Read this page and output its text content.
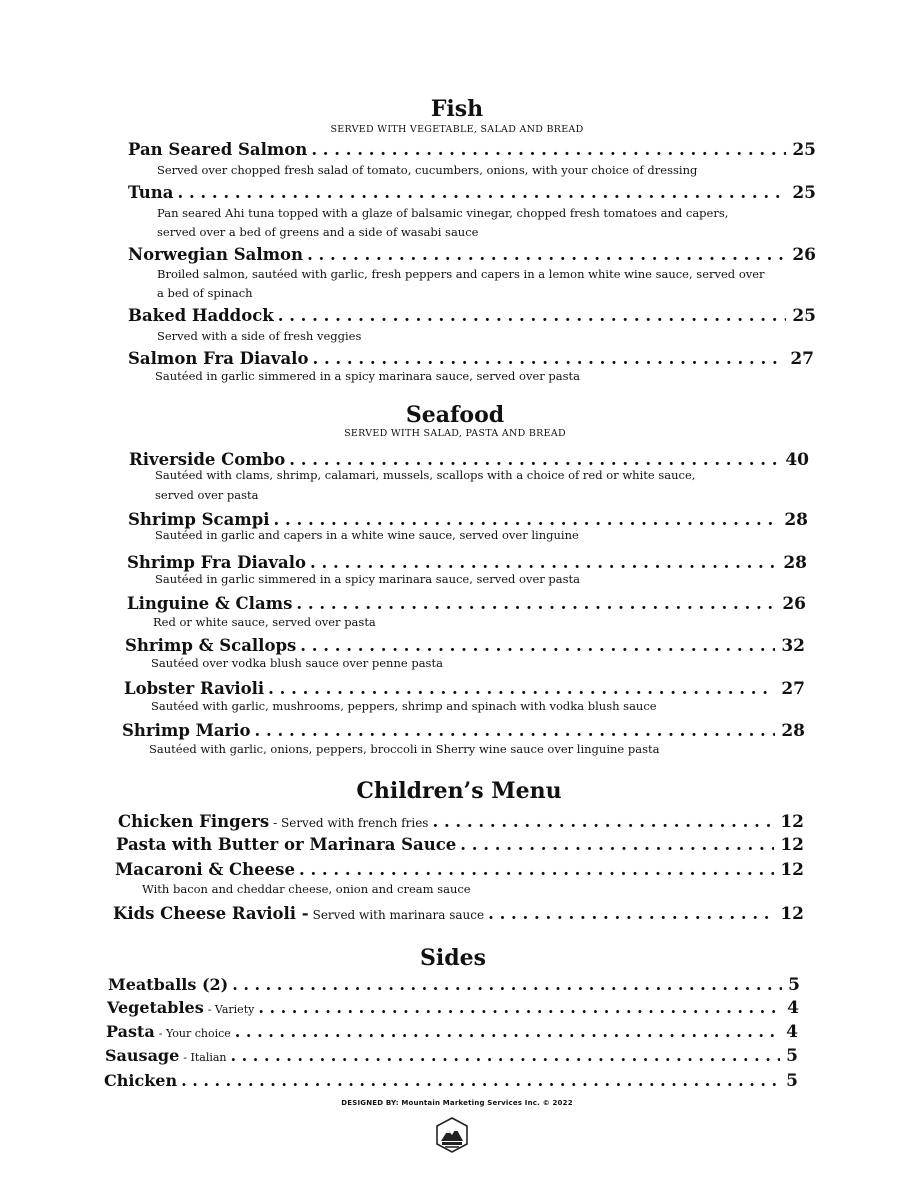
Fish
SERVED WITH VEGETABLE, SALAD AND BREAD
Pan Seared Salmon . . .	25
Served over chopped fresh salad of tomato, cucumbers, onions, with your choice of dressing
Tuna . . .	25
Pan seared Ahi tuna topped with a glaze of balsamic vinegar, chopped fresh tomatoes and capers,
served over a bed of greens and a side of wasabi sauce
Norwegian Salmon . . .	26
Broiled salmon, sautéed with garlic, fresh peppers and capers in a lemon white wine sauce, served over
a bed of spinach
Baked Haddock . . .	25
Served with a side of fresh veggies
Salmon Fra Diavalo . . .	27
Sautéed in garlic simmered in a spicy marinara sauce, served over pasta
Seafood
SERVED WITH SALAD, PASTA AND BREAD
Riverside Combo . . .	40
Sautéed with clams, shrimp, calamari, mussels, scallops with a choice of red or white sauce,
served over pasta
Shrimp Scampi . . .	28
Sautéed in garlic and capers in a white wine sauce, served over linguine
Shrimp Fra Diavalo . . .	28
Sautéed in garlic simmered in a spicy marinara sauce, served over pasta
Linguine & Clams . . .	26
Red or white sauce, served over pasta
Shrimp & Scallops . . .	32
Sautéed over vodka blush sauce over penne pasta
Lobster Ravioli . . .	27
Sautéed with garlic, mushrooms, peppers, shrimp and spinach with vodka blush sauce
Shrimp Mario . . .	28
Sautéed with garlic, onions, peppers, broccoli in Sherry wine sauce over linguine pasta
Children’s Menu
Chicken Fingers - Served with french fries . . .	12
Pasta with Butter or Marinara Sauce . . .	12
Macaroni & Cheese . . .	12
With bacon and cheddar cheese, onion and cream sauce
Kids Cheese Ravioli - Served with marinara sauce . . .	12
Sides
Meatballs (2) . . .	5
Vegetables - Variety . . .	4
Pasta - Your choice . . .	4
Sausage - Italian . . .	5
Chicken . . .	5
DESIGNED BY: Mountain Marketing Services Inc. © 2022
